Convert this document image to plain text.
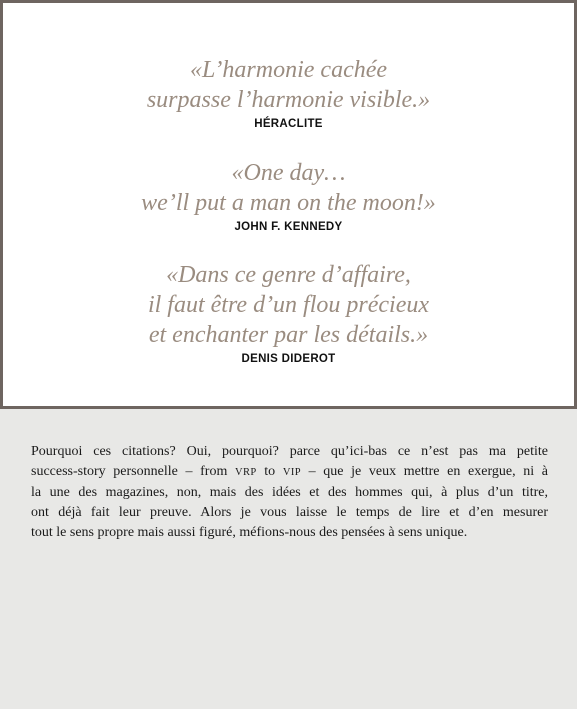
«L’harmonie cachée
surpasse l’harmonie visible.»
HÉRACLITE
«One day…
we’ll put a man on the moon!»
JOHN F. KENNEDY
«Dans ce genre d’affaire,
il faut être d’un flou précieux
et enchanter par les détails.»
DENIS DIDEROT
Pourquoi ces citations? Oui, pourquoi? parce qu’ici-bas ce n’est pas ma petite
success-story personnelle – from VRP to VIP – que je veux mettre en exergue, ni à
la une des magazines, non, mais des idées et des hommes qui, à plus d’un titre,
ont déjà fait leur preuve. Alors je vous laisse le temps de lire et d’en mesurer
tout le sens propre mais aussi figuré, méfions-nous des pensées à sens unique.
